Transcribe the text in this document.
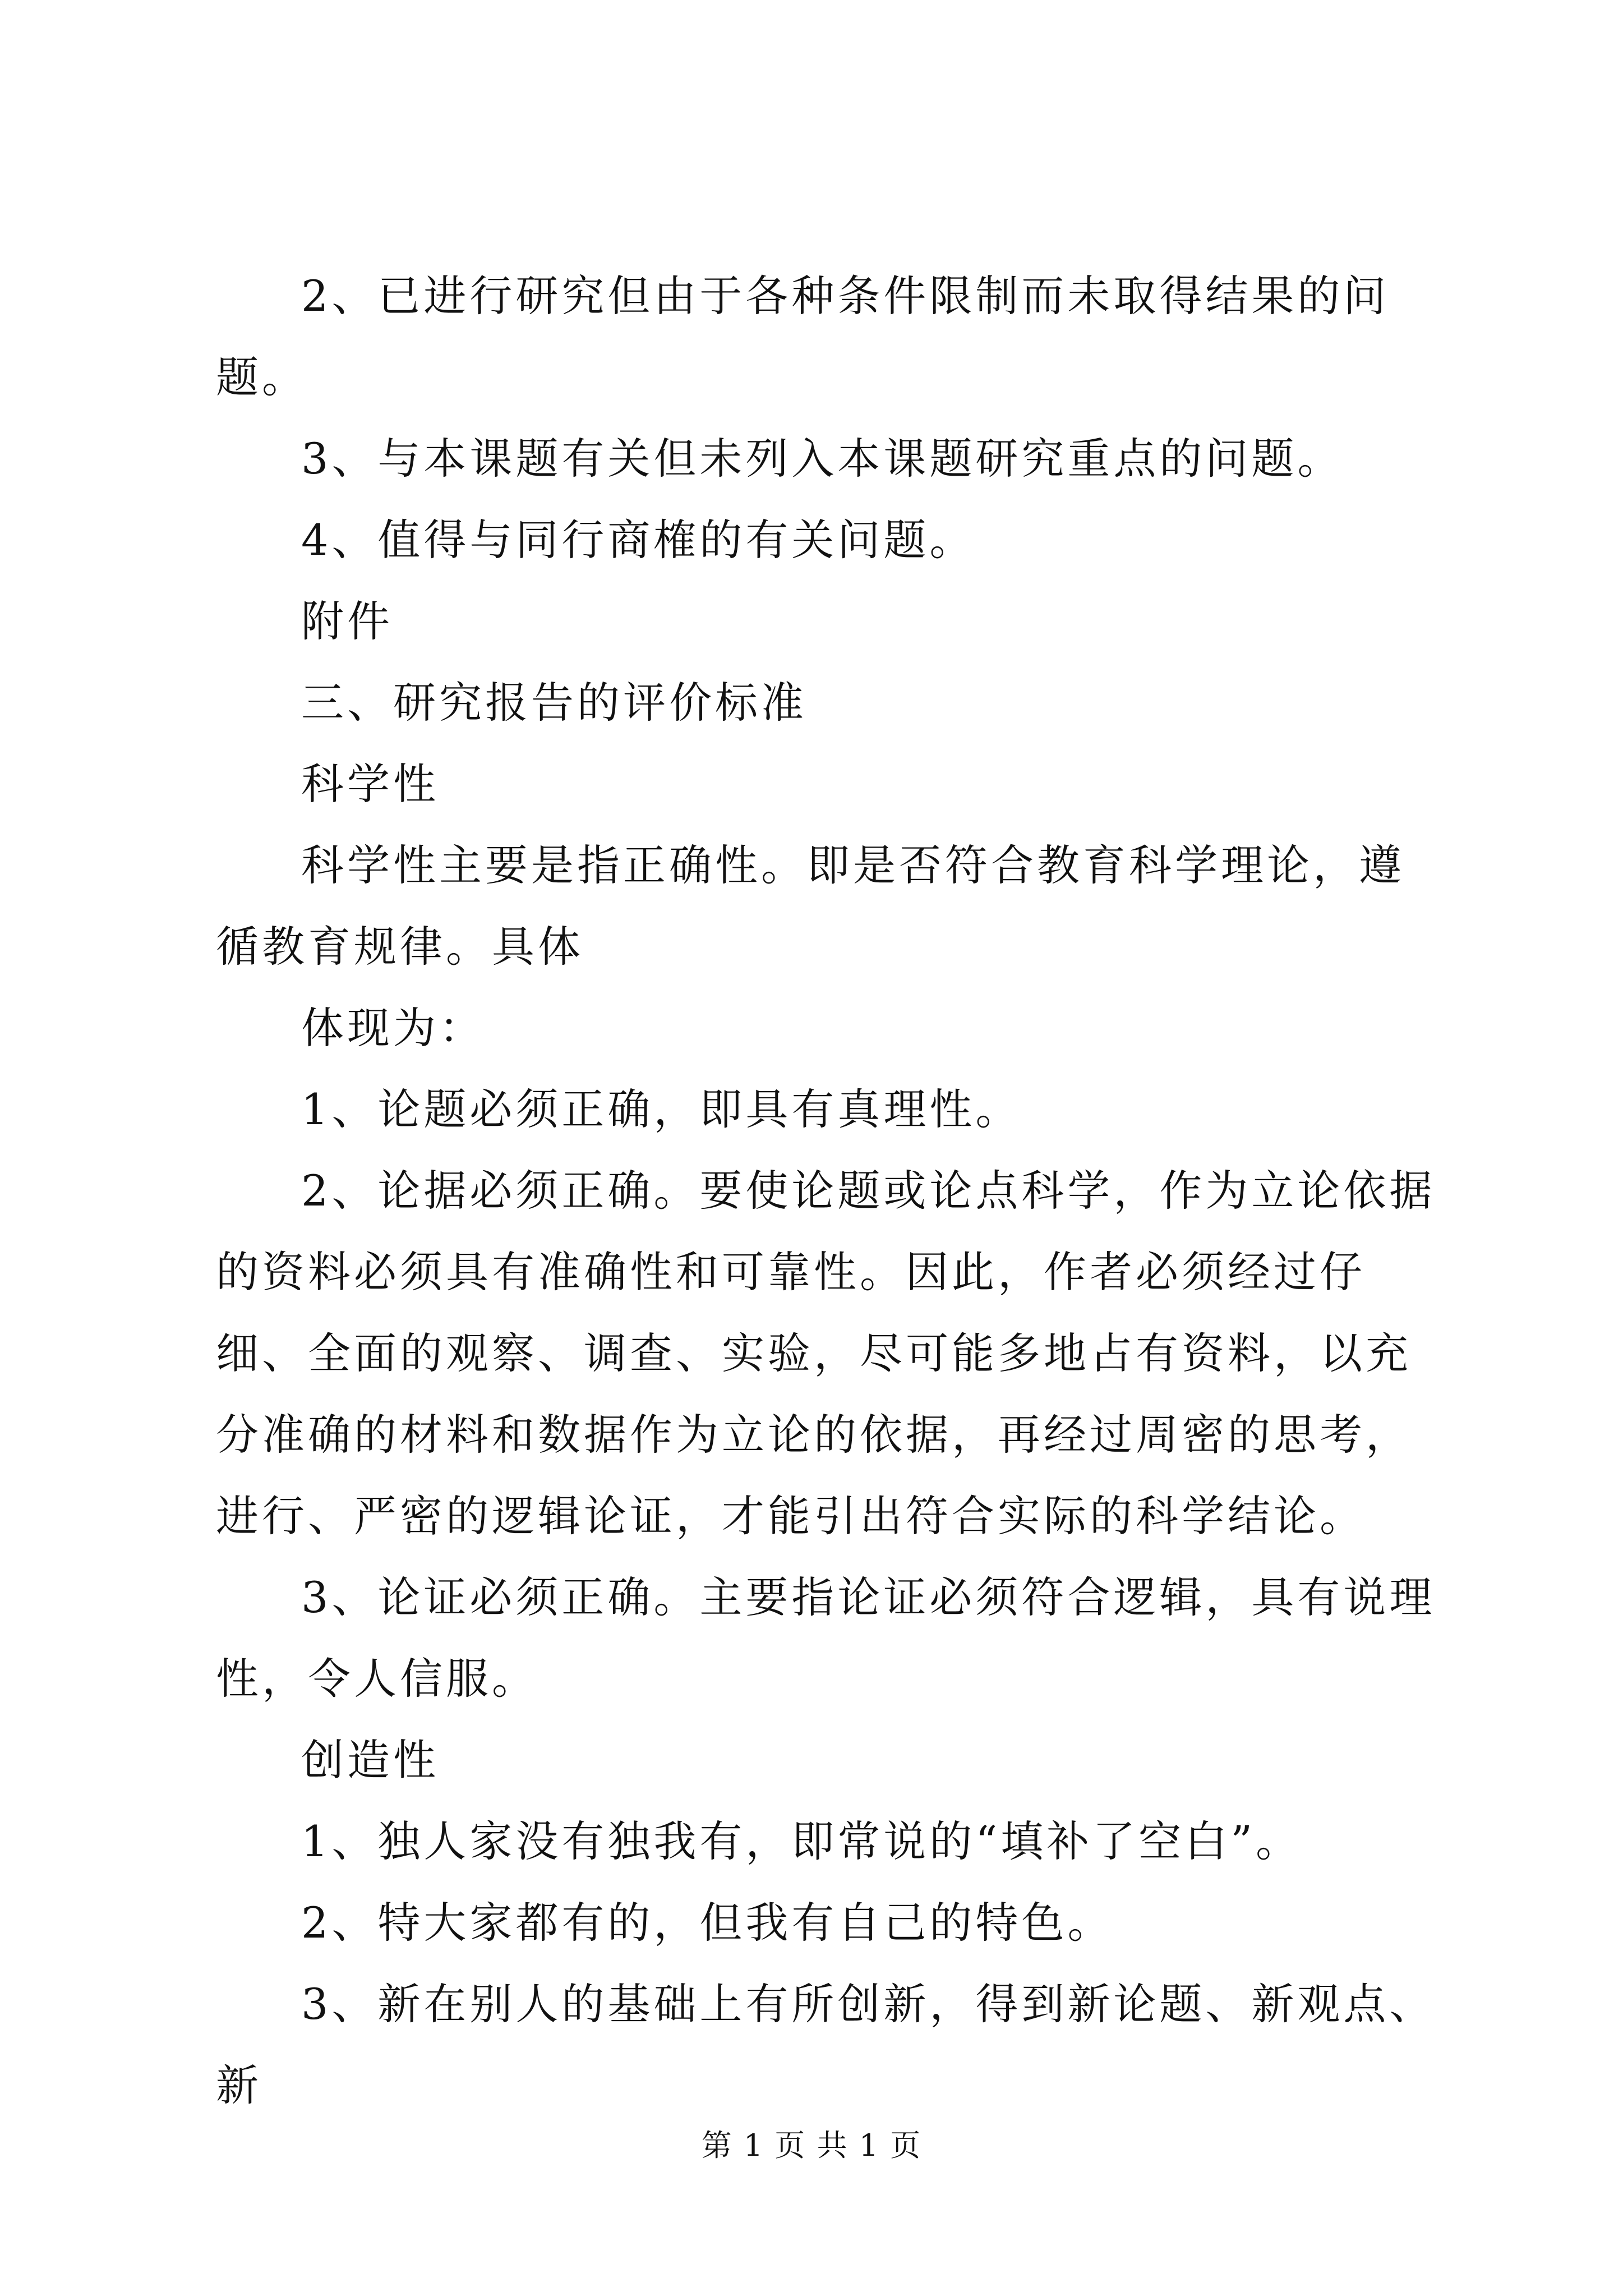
2、已进行研究但由于各种条件限制而未取得结果的问题。

3、与本课题有关但未列入本课题研究重点的问题。

4、值得与同行商榷的有关问题。

附件

三、研究报告的评价标准

科学性

科学性主要是指正确性。即是否符合教育科学理论，遵循教育规律。具体

体现为：

1、论题必须正确，即具有真理性。

2、论据必须正确。要使论题或论点科学，作为立论依据的资料必须具有准确性和可靠性。因此，作者必须经过仔细、全面的观察、调查、实验，尽可能多地占有资料，以充分准确的材料和数据作为立论的依据，再经过周密的思考，进行、严密的逻辑论证，才能引出符合实际的科学结论。

3、论证必须正确。主要指论证必须符合逻辑，具有说理性，令人信服。

创造性

1、独人家没有独我有，即常说的“填补了空白”。

2、特大家都有的，但我有自己的特色。

3、新在别人的基础上有所创新，得到新论题、新观点、新

第 1 页 共 1 页
